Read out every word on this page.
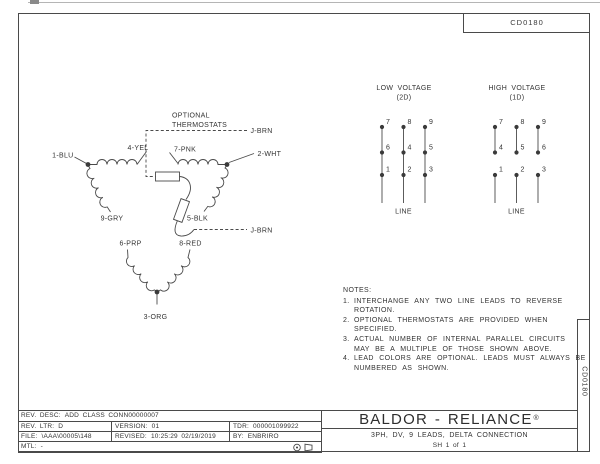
CD0180
CD0180
OPTIONAL
THERMOSTATS
1-BLU
4-YEL	7-PNK
2-WHT
9-GRY	5-BLK
6-PRP	8-RED
3-ORG
J-BRN
J-BRN
LOW VOLTAGE
(2D)
7 8 9
6 4 5
1 2 3
LINE
HIGH VOLTAGE
(1D)
7 8 9
4 5 6
1 2 3
LINE
NOTES:
1. INTERCHANGE ANY TWO LINE LEADS TO REVERSE
ROTATION.
2. OPTIONAL THERMOSTATS ARE PROVIDED WHEN
SPECIFIED.
3. ACTUAL NUMBER OF INTERNAL PARALLEL CIRCUITS
MAY BE A MULTIPLE OF THOSE SHOWN ABOVE.
4. LEAD COLORS ARE OPTIONAL. LEADS MUST ALWAYS BE
NUMBERED AS SHOWN.
REV. DESC: ADD CLASS CONN00000007
REV. LTR: D	VERSION: 01	TDR: 000001099922
FILE: \AAA\00005\148	REVISED: 10:25:29 02/19/2019	BY: ENBRIRO
MTL: -
BALDOR - RELIANCE ®
3PH, DV, 9 LEADS, DELTA CONNECTION
SH 1 of 1
